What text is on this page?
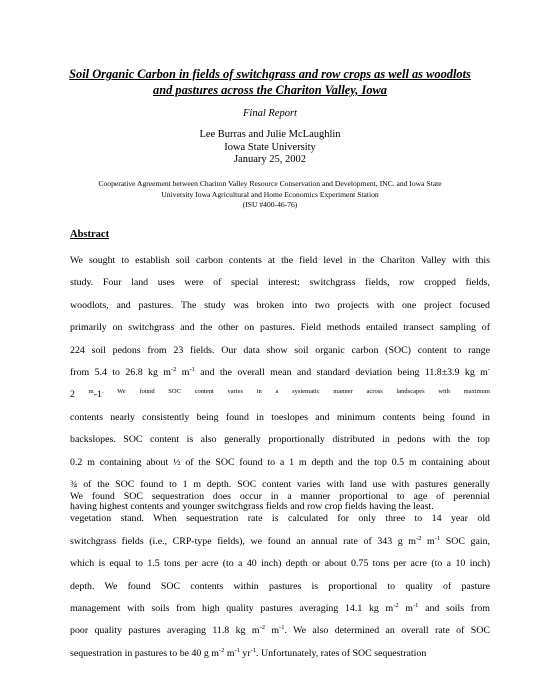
Soil Organic Carbon in fields of switchgrass and row crops as well as woodlots
and pastures across the Chariton Valley, Iowa
Final Report
Lee Burras and Julie McLaughlin
Iowa State University
January 25, 2002
Cooperative Agreement between Chariton Valley Resource Conservation and Development, INC. and Iowa State
University Iowa Agricultural and Home Economics Experiment Station
(ISU #400-46-76)
Abstract
We sought to establish soil carbon contents at the field level in the Chariton Valley with this
study. Four land uses were of special interest: switchgrass fields, row cropped fields,
woodlots, and pastures. The study was broken into two projects with one project focused
primarily on switchgrass and the other on pastures. Field methods entailed transect sampling of
224 soil pedons from 23 fields. Our data show soil organic carbon (SOC) content to range
from 5.4 to 26.8 kg $m^{-2}$ $m^{-1}$ and the overall mean and standard deviation being 11.8±3.9 kg m-
2 $^m-1^{. We found SOC content varies in a systematic manner across landscapes with maximum}$
contents nearly consistently being found in toeslopes and minimum contents being found in
backslopes. SOC content is also generally proportionally distributed in pedons with the top
0.2 m containing about ½ of the SOC found to a 1 m depth and the top 0.5 m containing about
¾ of the SOC found to 1 m depth. SOC content varies with land use with pastures generally
having highest contents and younger switchgrass fields and row crop fields having the least.
We found SOC sequestration does occur in a manner proportional to age of perennial
vegetation stand. When sequestration rate is calculated for only three to 14 year old
switchgrass fields (i.e., CRP-type fields), we found an annual rate of 343 g $m^{-2}$ $m^{-1}$ SOC gain,
which is equal to 1.5 tons per acre (to a 40 inch) depth or about 0.75 tons per acre (to a 10 inch)
depth. We found SOC contents within pastures is proportional to quality of pasture
management with soils from high quality pastures averaging 14.1 kg $m^{-2}$ $m^{-1}$ and soils from
poor quality pastures averaging 11.8 kg $m^{-2}$ $m^{-1}$. We also determined an overall rate of SOC
sequestration in pastures to be 40 g $m^{-2}$ $m^{-1}$ $yr^{-1}$. Unfortunately, rates of SOC sequestration
